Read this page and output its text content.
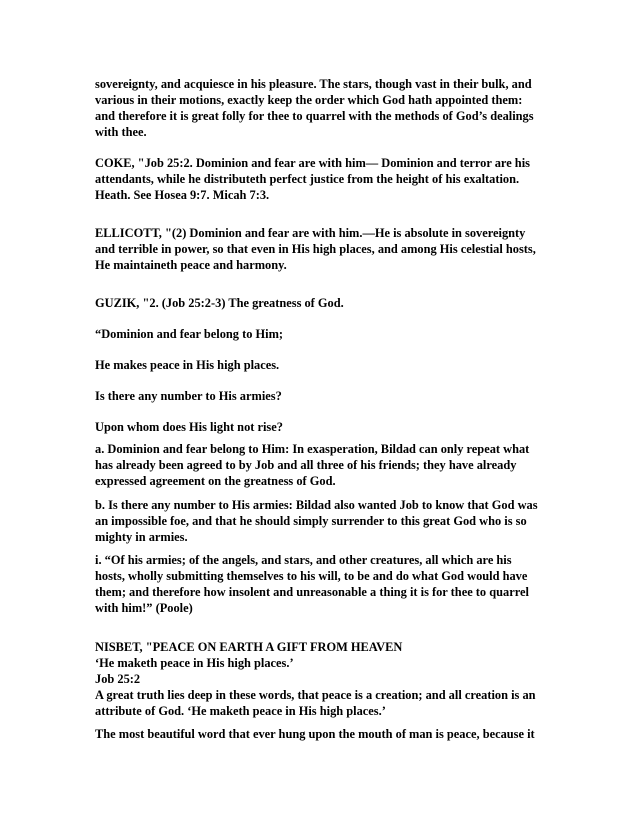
sovereignty, and acquiesce in his pleasure. The stars, though vast in their bulk, and
various in their motions, exactly keep the order which God hath appointed them:
and therefore it is great folly for thee to quarrel with the methods of God’s dealings
with thee.
COKE, "Job 25:2. Dominion and fear are with him— Dominion and terror are his
attendants, while he distributeth perfect justice from the height of his exaltation.
Heath. See Hosea 9:7. Micah 7:3.
ELLICOTT, "(2) Dominion and fear are with him.—He is absolute in sovereignty
and terrible in power, so that even in His high places, and among His celestial hosts,
He maintaineth peace and harmony.
GUZIK, "2. (Job 25:2-3) The greatness of God.
“Dominion and fear belong to Him;
He makes peace in His high places.
Is there any number to His armies?
Upon whom does His light not rise?
a. Dominion and fear belong to Him: In exasperation, Bildad can only repeat what
has already been agreed to by Job and all three of his friends; they have already
expressed agreement on the greatness of God.
b. Is there any number to His armies: Bildad also wanted Job to know that God was
an impossible foe, and that he should simply surrender to this great God who is so
mighty in armies.
i. “Of his armies; of the angels, and stars, and other creatures, all which are his
hosts, wholly submitting themselves to his will, to be and do what God would have
them; and therefore how insolent and unreasonable a thing it is for thee to quarrel
with him!” (Poole)
NISBET, "PEACE ON EARTH A GIFT FROM HEAVEN
‘He maketh peace in His high places.’
Job 25:2
A great truth lies deep in these words, that peace is a creation; and all creation is an
attribute of God. ‘He maketh peace in His high places.’
The most beautiful word that ever hung upon the mouth of man is peace, because it
